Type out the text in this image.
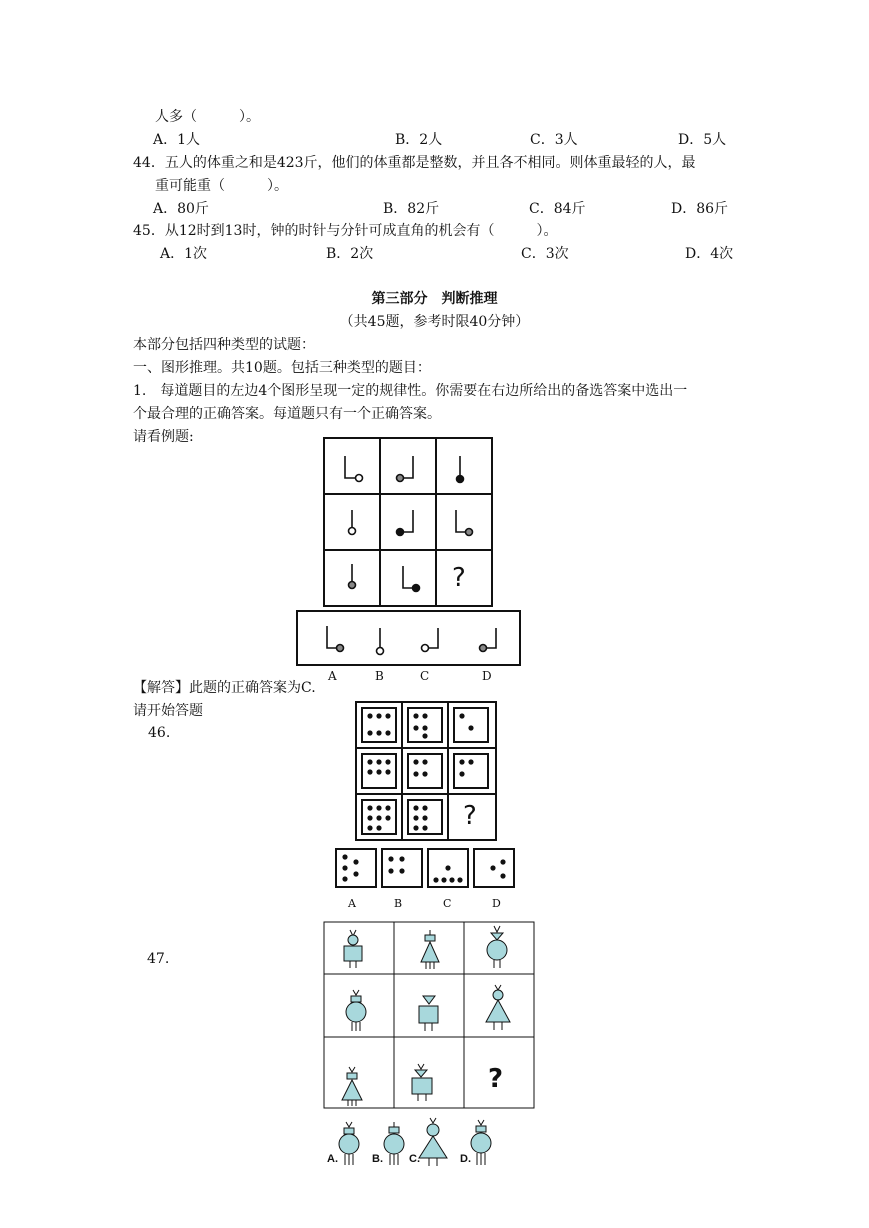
人多（　　　）。
A．1人	B．2人	C．3人	D．5人
44．五人的体重之和是423斤，他们的体重都是整数，并且各不相同。则体重最轻的人，最
重可能重（　　　）。
A．80斤	B．82斤	C．84斤	D．86斤
45．从12时到13时，钟的时针与分针可成直角的机会有（　　　）。
A．1次	B．2次	C．3次	D．4次
第三部分　判断推理
（共45题，参考时限40分钟）
本部分包括四种类型的试题：
一、图形推理。共10题。包括三种类型的题目：
1.　每道题目的左边4个图形呈现一定的规律性。你需要在右边所给出的备选答案中选出一
个最合理的正确答案。每道题只有一个正确答案。
请看例题:
?
A	B	C	D
【解答】此题的正确答案为C.
请开始答题
46.
?
A	B	C	D
47.
?
A.	B. C.	D.
